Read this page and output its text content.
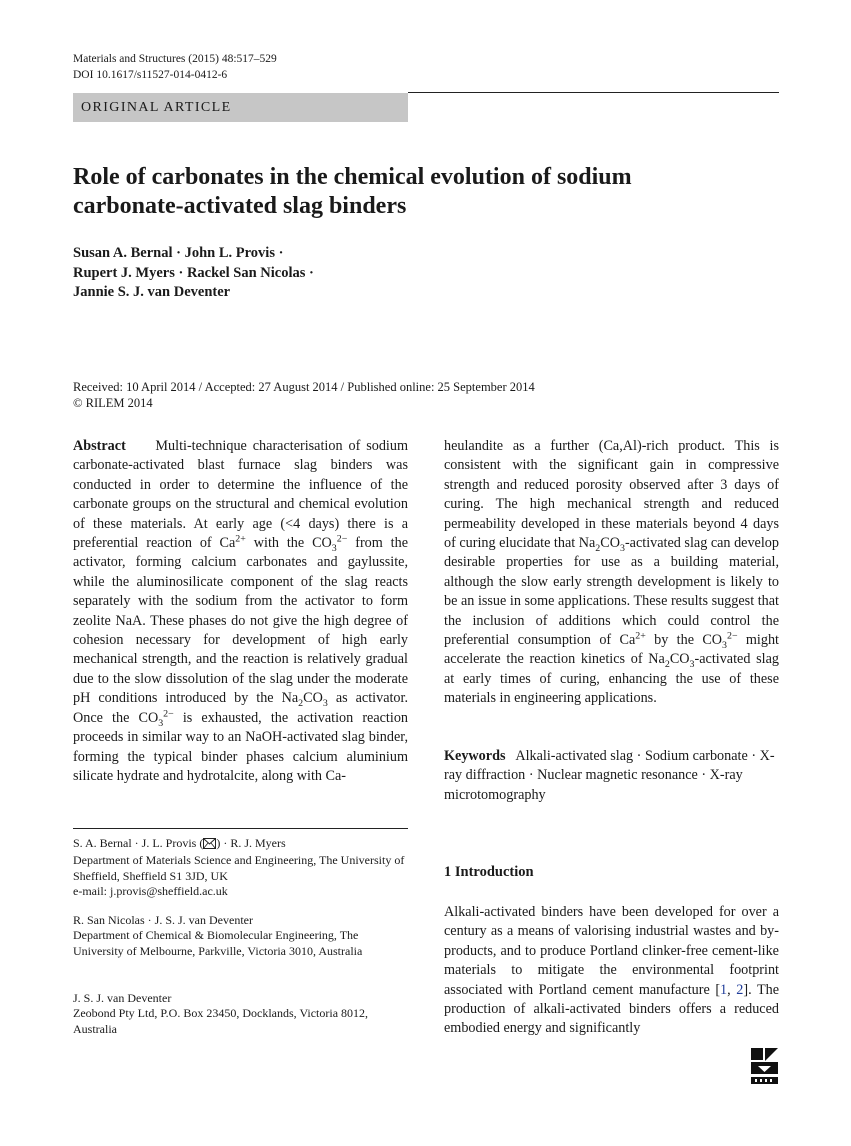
Materials and Structures (2015) 48:517–529
DOI 10.1617/s11527-014-0412-6
ORIGINAL ARTICLE
Role of carbonates in the chemical evolution of sodium
carbonate-activated slag binders
Susan A. Bernal · John L. Provis ·
Rupert J. Myers · Rackel San Nicolas ·
Jannie S. J. van Deventer
Received: 10 April 2014 / Accepted: 27 August 2014 / Published online: 25 September 2014
© RILEM 2014

Abstract Multi-technique characterisation of sodium carbonate-activated blast furnace slag binders was conducted in order to determine the influence of the carbonate groups on the structural and chemical evolution of these materials. At early age (<4 days) there is a preferential reaction of $Ca^{2+}$ with the $CO_3^{2-}$ from the activator, forming calcium carbonates and gaylussite, while the aluminosilicate component of the slag reacts separately with the sodium from the activator to form zeolite NaA. These phases do not give the high degree of cohesion necessary for development of high early mechanical strength, and the reaction is relatively gradual due to the slow dissolution of the slag under the moderate pH conditions introduced by the $Na_2CO_3$ as activator. Once the $CO_3^{2-}$ is exhausted, the activation reaction proceeds in similar way to an NaOH-activated slag binder, forming the typical binder phases calcium aluminium silicate hydrate and hydrotalcite, along with Ca-

heulandite as a further (Ca,Al)-rich product. This is consistent with the significant gain in compressive strength and reduced porosity observed after 3 days of curing. The high mechanical strength and reduced permeability developed in these materials beyond 4 days of curing elucidate that $Na_2CO_3$-activated slag can develop desirable properties for use as a building material, although the slow early strength development is likely to be an issue in some applications. These results suggest that the inclusion of additions which could control the preferential consumption of $Ca^{2+}$ by the $CO_3^{2-}$ might accelerate the reaction kinetics of $Na_2CO_3$-activated slag at early times of curing, enhancing the use of these materials in engineering applications.

Keywords Alkali-activated slag · Sodium carbonate · X-ray diffraction · Nuclear magnetic resonance · X-ray microtomography
S. A. Bernal · J. L. Provis ( ) · R. J. Myers
Department of Materials Science and Engineering, The University of Sheffield, Sheffield S1 3JD, UK
e-mail: j.provis@sheffield.ac.uk
R. San Nicolas · J. S. J. van Deventer
Department of Chemical & Biomolecular Engineering, The University of Melbourne, Parkville, Victoria 3010, Australia
J. S. J. van Deventer
Zeobond Pty Ltd, P.O. Box 23450, Docklands, Victoria 8012, Australia
1 Introduction
Alkali-activated binders have been developed for over a century as a means of valorising industrial wastes and by-products, and to produce Portland clinker-free cement-like materials to mitigate the environmental footprint associated with Portland cement manufacture [1, 2]. The production of alkali-activated binders offers a reduced embodied energy and significantly
